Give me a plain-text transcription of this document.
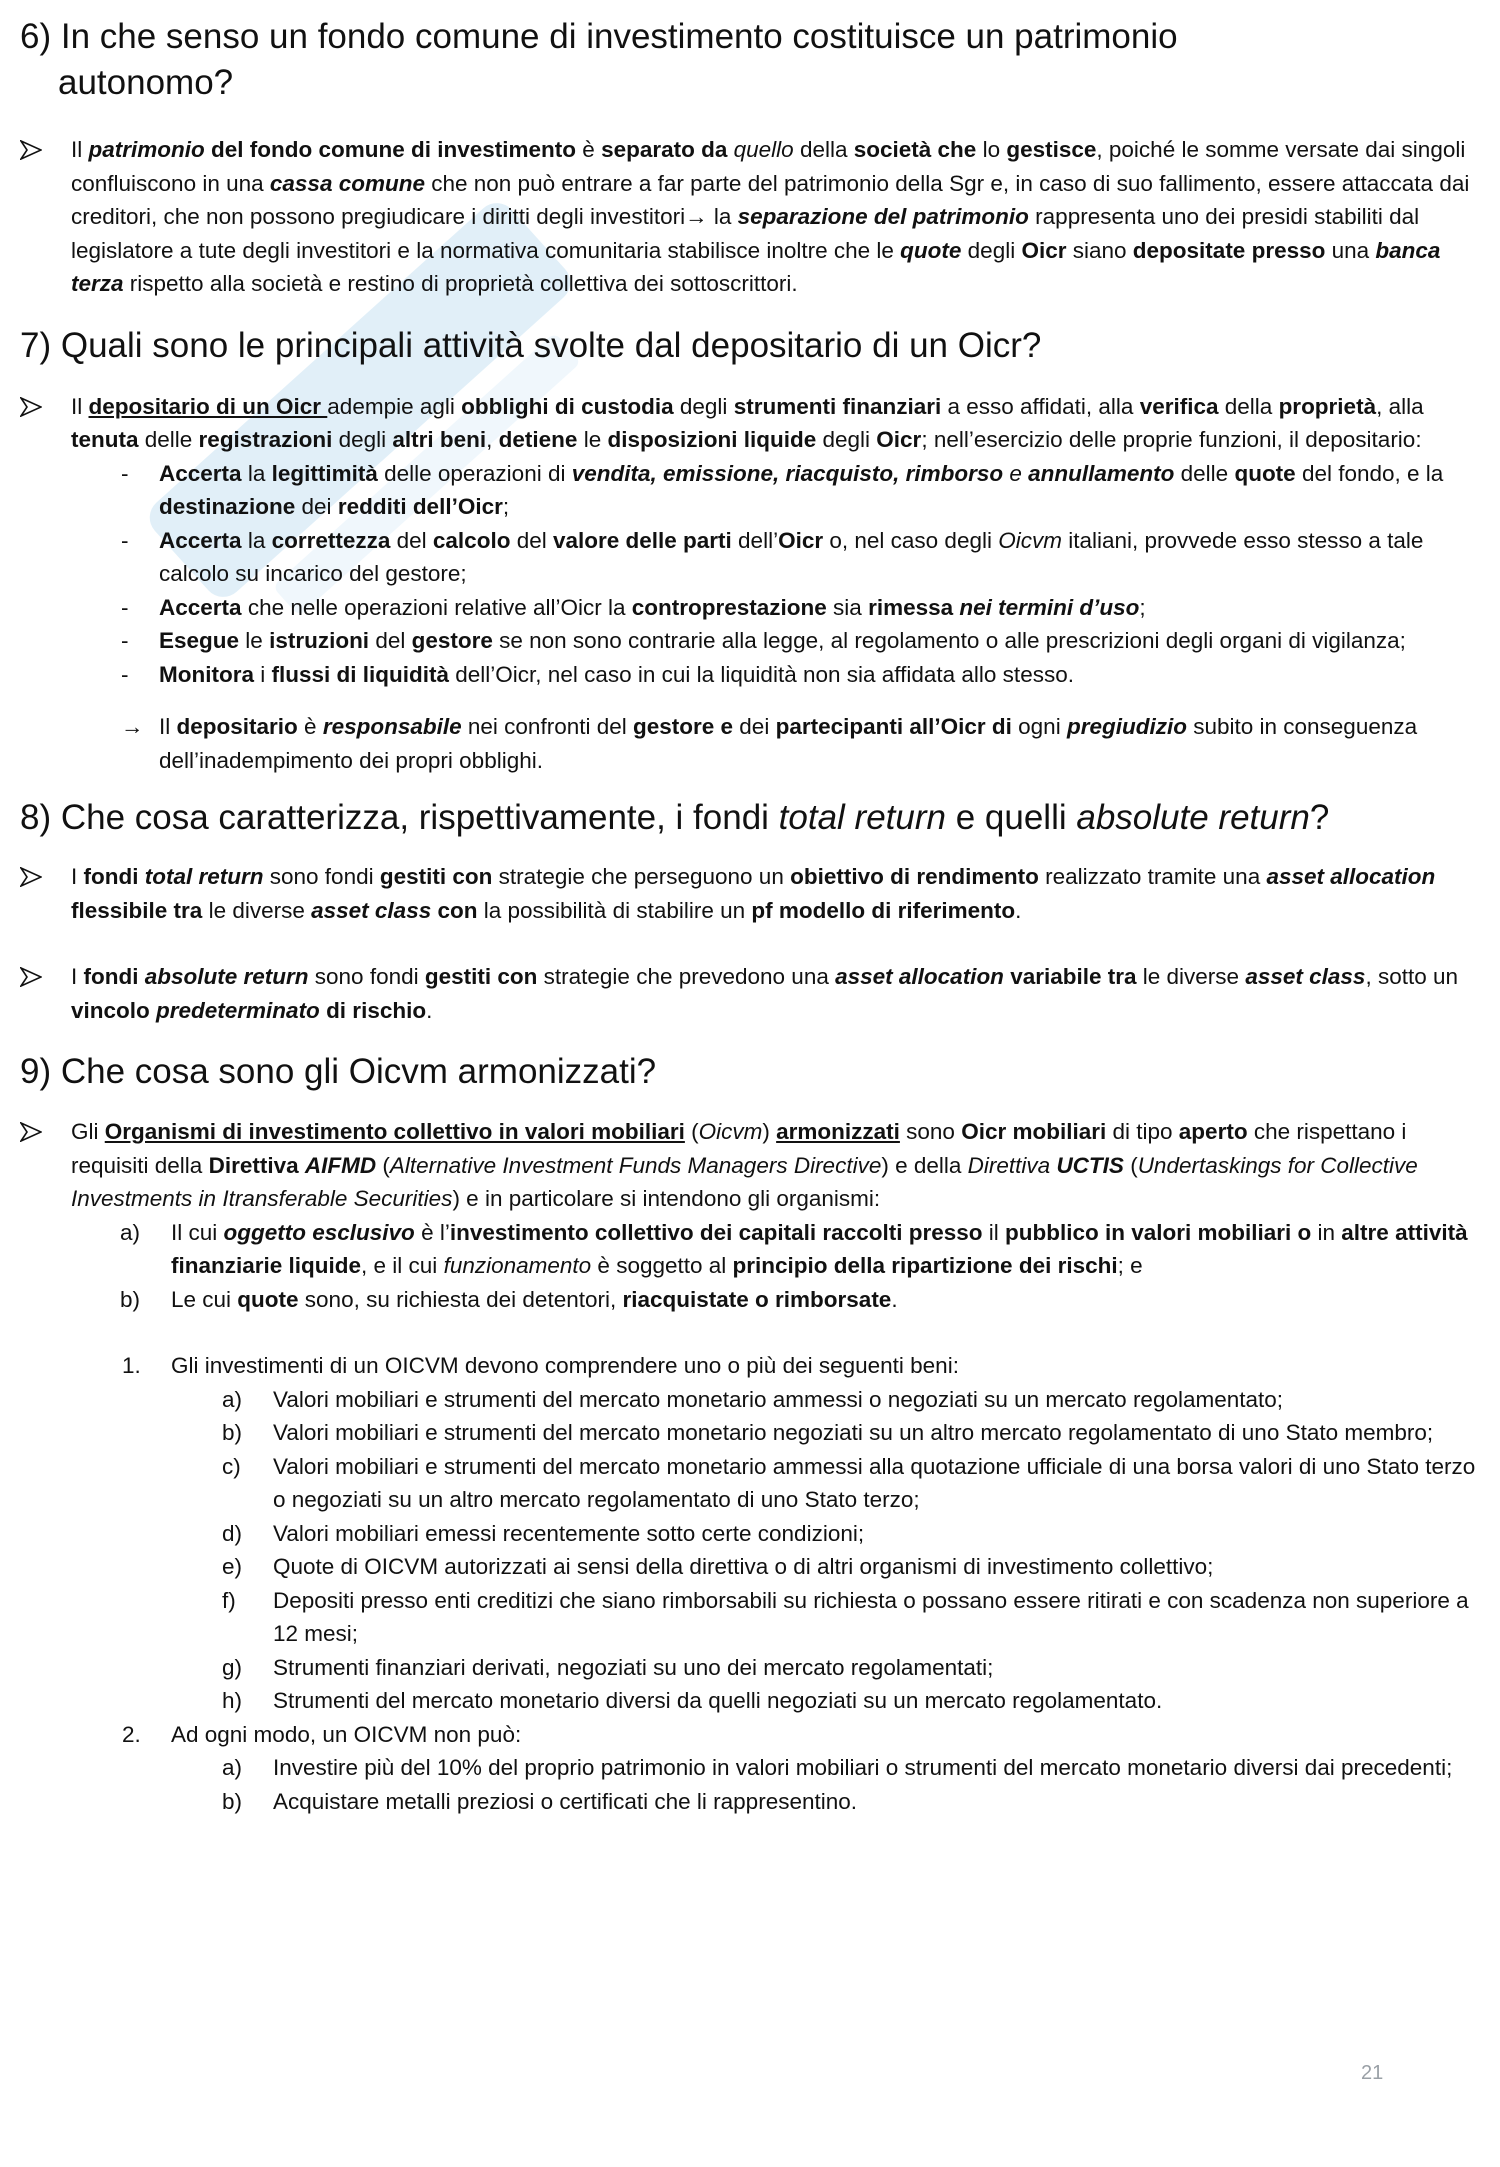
6) In che senso un fondo comune di investimento costituisce un patrimonio
autonomo?

Il patrimonio del fondo comune di investimento è separato da quello della società che lo gestisce, poiché le somme versate dai singoli confluiscono in una cassa comune che non può entrare a far parte del patrimonio della Sgr e, in caso di suo fallimento, essere attaccata dai creditori, che non possono pregiudicare i diritti degli investitori→ la separazione del patrimonio rappresenta uno dei presidi stabiliti dal legislatore a tute degli investitori e la normativa comunitaria stabilisce inoltre che le quote degli Oicr siano depositate presso una banca terza rispetto alla società e restino di proprietà collettiva dei sottoscrittori.

7) Quali sono le principali attività svolte dal depositario di un Oicr?

Il depositario di un Oicr adempie agli obblighi di custodia degli strumenti finanziari a esso affidati, alla verifica della proprietà, alla tenuta delle registrazioni degli altri beni, detiene le disposizioni liquide degli Oicr; nell’esercizio delle proprie funzioni, il depositario:

- Accerta la legittimità delle operazioni di vendita, emissione, riacquisto, rimborso e annullamento delle quote del fondo, e la destinazione dei redditi dell’Oicr;

- Accerta la correttezza del calcolo del valore delle parti dell’Oicr o, nel caso degli Oicvm italiani, provvede esso stesso a tale calcolo su incarico del gestore;

- Accerta che nelle operazioni relative all’Oicr la controprestazione sia rimessa nei termini d’uso;

- Esegue le istruzioni del gestore se non sono contrarie alla legge, al regolamento o alle prescrizioni degli organi di vigilanza;

- Monitora i flussi di liquidità dell’Oicr, nel caso in cui la liquidità non sia affidata allo stesso.

→ Il depositario è responsabile nei confronti del gestore e dei partecipanti all’Oicr di ogni pregiudizio subito in conseguenza dell’inadempimento dei propri obblighi.

8) Che cosa caratterizza, rispettivamente, i fondi total return e quelli absolute return?

I fondi total return sono fondi gestiti con strategie che perseguono un obiettivo di rendimento realizzato tramite una asset allocation flessibile tra le diverse asset class con la possibilità di stabilire un pf modello di riferimento.

I fondi absolute return sono fondi gestiti con strategie che prevedono una asset allocation variabile tra le diverse asset class, sotto un vincolo predeterminato di rischio.

9) Che cosa sono gli Oicvm armonizzati?

Gli Organismi di investimento collettivo in valori mobiliari (Oicvm) armonizzati sono Oicr mobiliari di tipo aperto che rispettano i requisiti della Direttiva AIFMD (Alternative Investment Funds Managers Directive) e della Direttiva UCTIS (Undertaskings for Collective Investments in Itransferable Securities) e in particolare si intendono gli organismi:

a) Il cui oggetto esclusivo è l’investimento collettivo dei capitali raccolti presso il pubblico in valori mobiliari o in altre attività finanziarie liquide, e il cui funzionamento è soggetto al principio della ripartizione dei rischi; e

b) Le cui quote sono, su richiesta dei detentori, riacquistate o rimborsate.

1. Gli investimenti di un OICVM devono comprendere uno o più dei seguenti beni:

a) Valori mobiliari e strumenti del mercato monetario ammessi o negoziati su un mercato regolamentato;

b) Valori mobiliari e strumenti del mercato monetario negoziati su un altro mercato regolamentato di uno Stato membro;

c) Valori mobiliari e strumenti del mercato monetario ammessi alla quotazione ufficiale di una borsa valori di uno Stato terzo o negoziati su un altro mercato regolamentato di uno Stato terzo;

d) Valori mobiliari emessi recentemente sotto certe condizioni;

e) Quote di OICVM autorizzati ai sensi della direttiva o di altri organismi di investimento collettivo;

f) Depositi presso enti creditizi che siano rimborsabili su richiesta o possano essere ritirati e con scadenza non superiore a 12 mesi;

g) Strumenti finanziari derivati, negoziati su uno dei mercato regolamentati;

h) Strumenti del mercato monetario diversi da quelli negoziati su un mercato regolamentato.

2. Ad ogni modo, un OICVM non può:

a) Investire più del 10% del proprio patrimonio in valori mobiliari o strumenti del mercato monetario diversi dai precedenti;

b) Acquistare metalli preziosi o certificati che li rappresentino.

21
